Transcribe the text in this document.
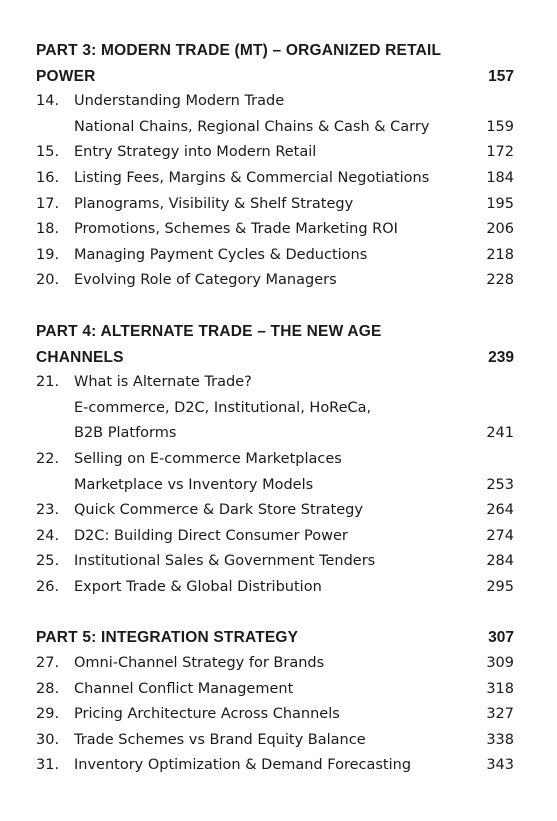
PART 3: MODERN TRADE (MT) – ORGANIZED RETAIL
POWER	157
14.	Understanding Modern Trade
National Chains, Regional Chains & Cash & Carry	159
15.	Entry Strategy into Modern Retail	172
16.	Listing Fees, Margins & Commercial Negotiations	184
17.	Planograms, Visibility & Shelf Strategy	195
18.	Promotions, Schemes & Trade Marketing ROI	206
19.	Managing Payment Cycles & Deductions	218
20.	Evolving Role of Category Managers	228
PART 4: ALTERNATE TRADE – THE NEW AGE
CHANNELS	239
21.	What is Alternate Trade?
E-commerce, D2C, Institutional, HoReCa,
B2B Platforms	241
22.	Selling on E-commerce Marketplaces
Marketplace vs Inventory Models	253
23.	Quick Commerce & Dark Store Strategy	264
24.	D2C: Building Direct Consumer Power	274
25.	Institutional Sales & Government Tenders	284
26.	Export Trade & Global Distribution	295
PART 5: INTEGRATION STRATEGY	307
27.	Omni-Channel Strategy for Brands	309
28.	Channel Conflict Management	318
29.	Pricing Architecture Across Channels	327
30.	Trade Schemes vs Brand Equity Balance	338
31.	Inventory Optimization & Demand Forecasting	343
